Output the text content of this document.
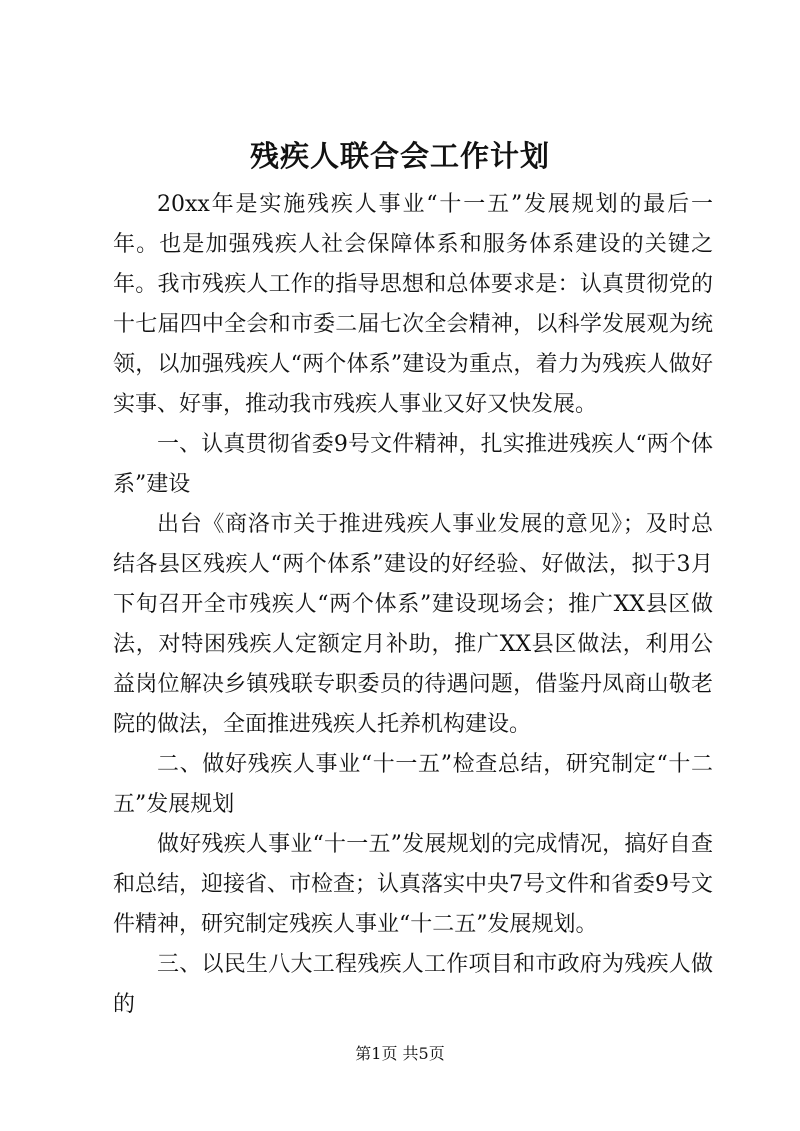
残疾人联合会工作计划

20xx年是实施残疾人事业“十一五”发展规划的最后一年。也是加强残疾人社会保障体系和服务体系建设的关键之年。我市残疾人工作的指导思想和总体要求是：认真贯彻党的十七届四中全会和市委二届七次全会精神，以科学发展观为统领，以加强残疾人“两个体系”建设为重点，着力为残疾人做好实事、好事，推动我市残疾人事业又好又快发展。

一、认真贯彻省委9号文件精神，扎实推进残疾人“两个体系”建设

出台《商洛市关于推进残疾人事业发展的意见》；及时总结各县区残疾人“两个体系”建设的好经验、好做法，拟于3月下旬召开全市残疾人“两个体系”建设现场会；推广XX县区做法，对特困残疾人定额定月补助，推广XX县区做法，利用公益岗位解决乡镇残联专职委员的待遇问题，借鉴丹凤商山敬老院的做法，全面推进残疾人托养机构建设。

二、做好残疾人事业“十一五”检查总结，研究制定“十二五”发展规划

做好残疾人事业“十一五”发展规划的完成情况，搞好自查和总结，迎接省、市检查；认真落实中央7号文件和省委9号文件精神，研究制定残疾人事业“十二五”发展规划。

三、以民生八大工程残疾人工作项目和市政府为残疾人做的

第1页 共5页
